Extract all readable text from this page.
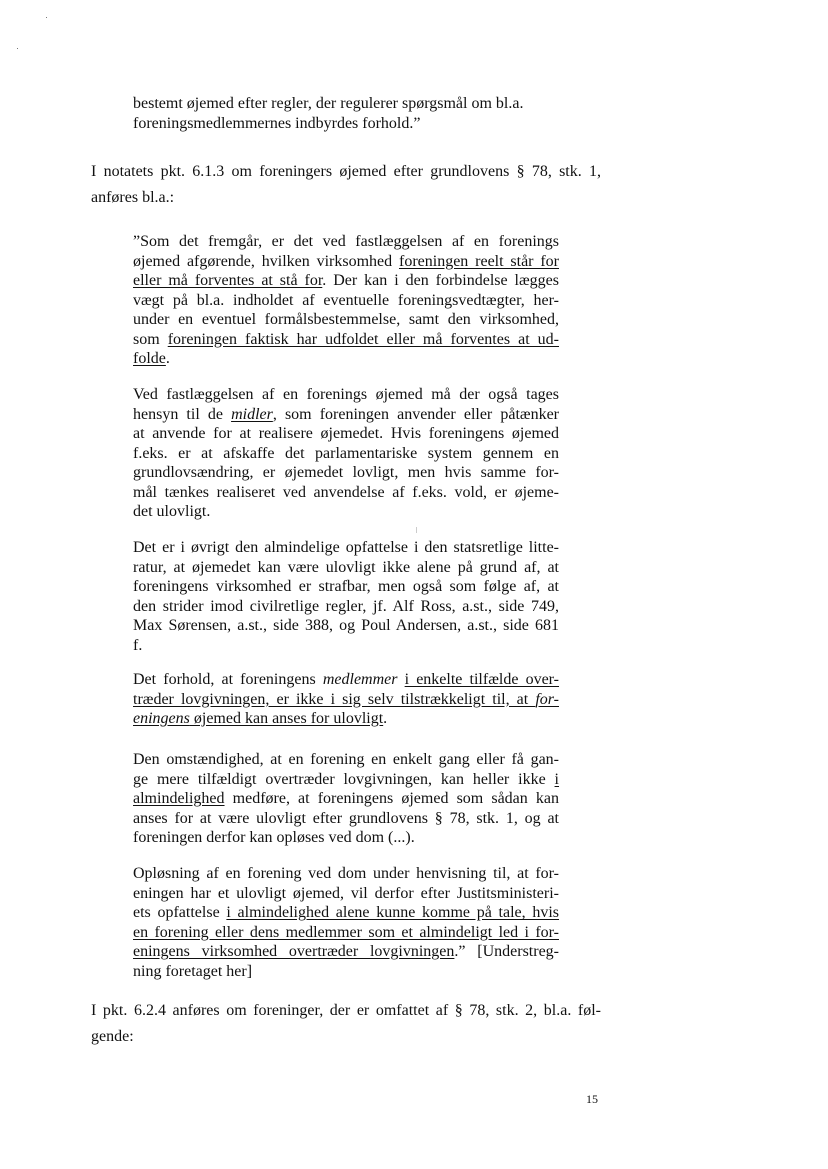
bestemt øjemed efter regler, der regulerer spørgsmål om bl.a.
foreningsmedlemmernes indbyrdes forhold.”
I notatets pkt. 6.1.3 om foreningers øjemed efter grundlovens § 78, stk. 1,
anføres bl.a.:
”Som det fremgår, er det ved fastlæggelsen af en forenings
øjemed afgørende, hvilken virksomhed foreningen reelt står for
eller må forventes at stå for. Der kan i den forbindelse lægges
vægt på bl.a. indholdet af eventuelle foreningsvedtægter, her-
under en eventuel formålsbestemmelse, samt den virksomhed,
som foreningen faktisk har udfoldet eller må forventes at ud-
folde.
Ved fastlæggelsen af en forenings øjemed må der også tages
hensyn til de midler, som foreningen anvender eller påtænker
at anvende for at realisere øjemedet. Hvis foreningens øjemed
f.eks. er at afskaffe det parlamentariske system gennem en
grundlovsændring, er øjemedet lovligt, men hvis samme for-
mål tænkes realiseret ved anvendelse af f.eks. vold, er øjeme-
det ulovligt.
Det er i øvrigt den almindelige opfattelse i den statsretlige litte-
ratur, at øjemedet kan være ulovligt ikke alene på grund af, at
foreningens virksomhed er strafbar, men også som følge af, at
den strider imod civilretlige regler, jf. Alf Ross, a.st., side 749,
Max Sørensen, a.st., side 388, og Poul Andersen, a.st., side 681
f.
Det forhold, at foreningens medlemmer i enkelte tilfælde over-
træder lovgivningen, er ikke i sig selv tilstrækkeligt til, at for-
eningens øjemed kan anses for ulovligt.
Den omstændighed, at en forening en enkelt gang eller få gan-
ge mere tilfældigt overtræder lovgivningen, kan heller ikke i
almindelighed medføre, at foreningens øjemed som sådan kan
anses for at være ulovligt efter grundlovens § 78, stk. 1, og at
foreningen derfor kan opløses ved dom (...).
Opløsning af en forening ved dom under henvisning til, at for-
eningen har et ulovligt øjemed, vil derfor efter Justitsministeri-
ets opfattelse i almindelighed alene kunne komme på tale, hvis
en forening eller dens medlemmer som et almindeligt led i for-
eningens virksomhed overtræder lovgivningen.” [Understreg-
ning foretaget her]
I pkt. 6.2.4 anføres om foreninger, der er omfattet af § 78, stk. 2, bl.a. føl-
gende:
15
